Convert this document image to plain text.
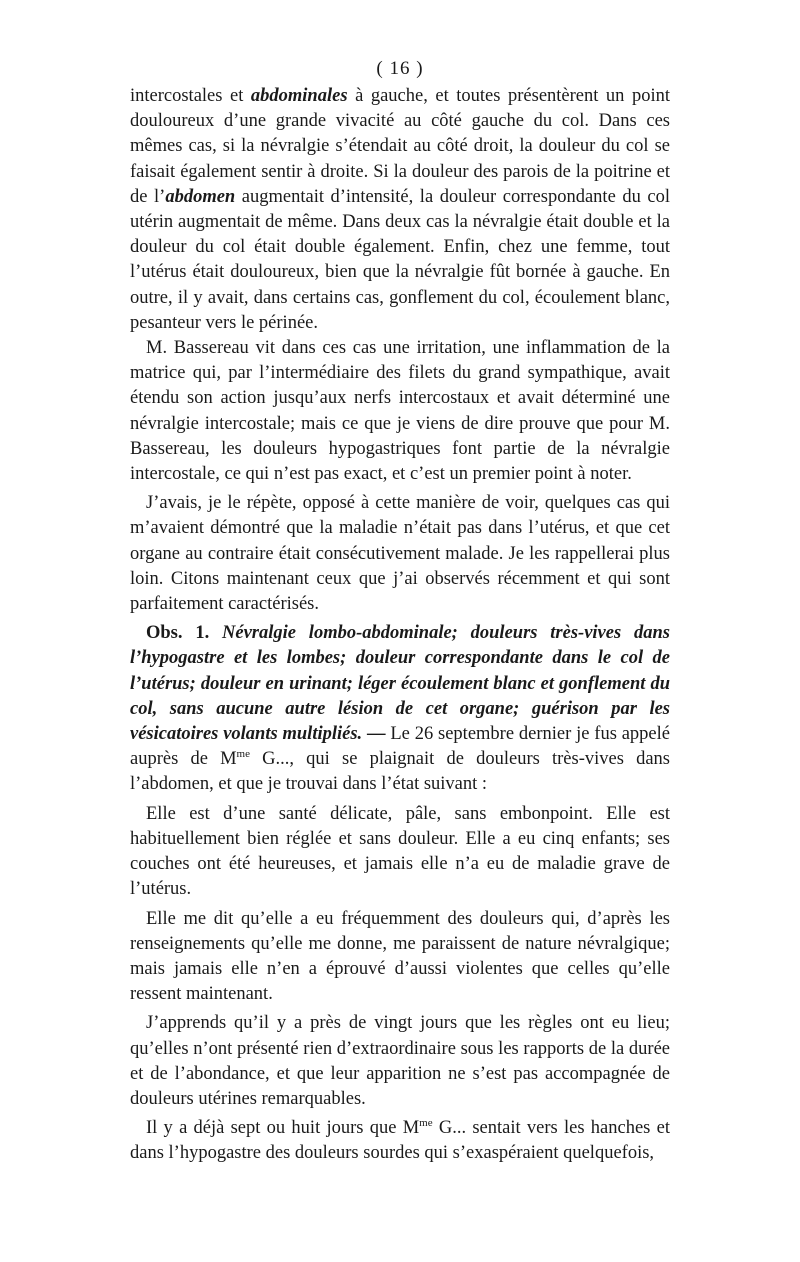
( 16 )

intercostales et abdominales à gauche, et toutes présentèrent un point douloureux d’une grande vivacité au côté gauche du col. Dans ces mêmes cas, si la névralgie s’étendait au côté droit, la douleur du col se faisait également sentir à droite. Si la douleur des parois de la poitrine et de l’abdomen augmentait d’intensité, la douleur correspondante du col utérin augmentait de même. Dans deux cas la névralgie était double et la douleur du col était double également. Enfin, chez une femme, tout l’utérus était douloureux, bien que la névralgie fût bornée à gauche. En outre, il y avait, dans certains cas, gonflement du col, écoulement blanc, pesanteur vers le périnée.

M. Bassereau vit dans ces cas une irritation, une inflammation de la matrice qui, par l’intermédiaire des filets du grand sympathique, avait étendu son action jusqu’aux nerfs intercostaux et avait déterminé une névralgie intercostale; mais ce que je viens de dire prouve que pour M. Bassereau, les douleurs hypogastriques font partie de la névralgie intercostale, ce qui n’est pas exact, et c’est un premier point à noter.

J’avais, je le répète, opposé à cette manière de voir, quelques cas qui m’avaient démontré que la maladie n’était pas dans l’utérus, et que cet organe au contraire était consécutivement malade. Je les rappellerai plus loin. Citons maintenant ceux que j’ai observés récemment et qui sont parfaitement caractérisés.

Obs. 1. Névralgie lombo-abdominale; douleurs très-vives dans l’hypogastre et les lombes; douleur correspondante dans le col de l’utérus; douleur en urinant; léger écoulement blanc et gonflement du col, sans aucune autre lésion de cet organe; guérison par les vésicatoires volants multipliés. — Le 26 septembre dernier je fus appelé auprès de $M^{me}$ G..., qui se plaignait de douleurs très-vives dans l’abdomen, et que je trouvai dans l’état suivant :

Elle est d’une santé délicate, pâle, sans embonpoint. Elle est habituellement bien réglée et sans douleur. Elle a eu cinq enfants; ses couches ont été heureuses, et jamais elle n’a eu de maladie grave de l’utérus.

Elle me dit qu’elle a eu fréquemment des douleurs qui, d’après les renseignements qu’elle me donne, me paraissent de nature névralgique; mais jamais elle n’en a éprouvé d’aussi violentes que celles qu’elle ressent maintenant.

J’apprends qu’il y a près de vingt jours que les règles ont eu lieu; qu’elles n’ont présenté rien d’extraordinaire sous les rapports de la durée et de l’abondance, et que leur apparition ne s’est pas accompagnée de douleurs utérines remarquables.

Il y a déjà sept ou huit jours que $M^{me}$ G... sentait vers les hanches et dans l’hypogastre des douleurs sourdes qui s’exaspéraient quelquefois,
